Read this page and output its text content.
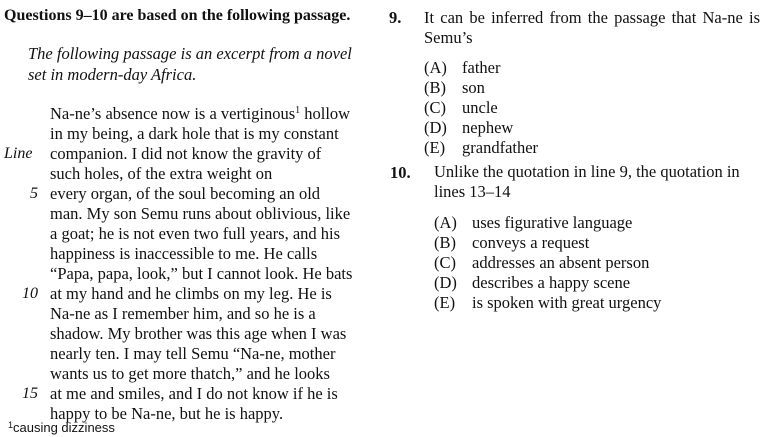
Questions 9–10 are based on the following passage.
The following passage is an excerpt from a novel
set in modern-day Africa.
Na-ne’s absence now is a vertiginous$^1$ hollow
in my being, a dark hole that is my constant
companion. I did not know the gravity of
such holes, of the extra weight on
every organ, of the soul becoming an old
man. My son Semu runs about oblivious, like
a goat; he is not even two full years, and his
happiness is inaccessible to me. He calls
“Papa, papa, look,” but I cannot look. He bats
at my hand and he climbs on my leg. He is
Na-ne as I remember him, and so he is a
shadow. My brother was this age when I was
nearly ten. I may tell Semu “Na-ne, mother
wants us to get more thatch,” and he looks
at me and smiles, and I do not know if he is
happy to be Na-ne, but he is happy.
Line
5
10
15
$^1$causing dizziness
9. It can be inferred from the passage that Na-ne is Semu’s
(A) father
(B) son
(C) uncle
(D) nephew
(E) grandfather
10. Unlike the quotation in line 9, the quotation in lines 13–14
(A) uses figurative language
(B) conveys a request
(C) addresses an absent person
(D) describes a happy scene
(E) is spoken with great urgency
